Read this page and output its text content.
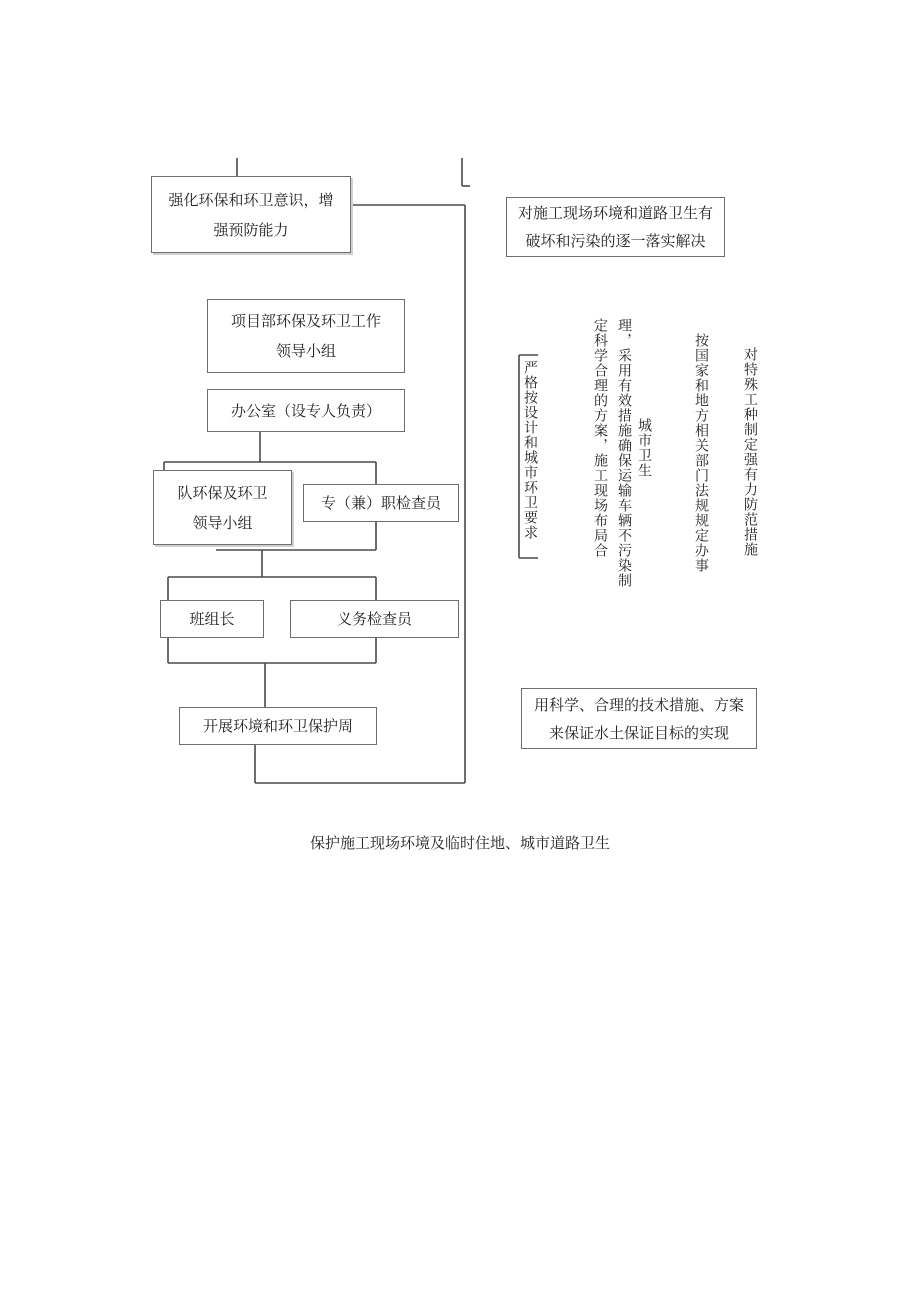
强化环保和环卫意识，增
强预防能力
项目部环保及环卫工作
领导小组
办公室（设专人负责）
队环保及环卫
领导小组
专（兼）职检查员
班组长	义务检查员
开展环境和环卫保护周
对施工现场环境和道路卫生有
破坏和污染的逐一落实解决
严格按设计和城市环卫要求	定科学合理的方案，施工现场布局合 理，采用有效措施确保运输车辆不污染制 城市卫生	按国家和地方相关部门法规规定办事 对特殊工种制定强有力防范措施
用科学、合理的技术措施、方案
来保证水土保证目标的实现
保护施工现场环境及临时住地、城市道路卫生
